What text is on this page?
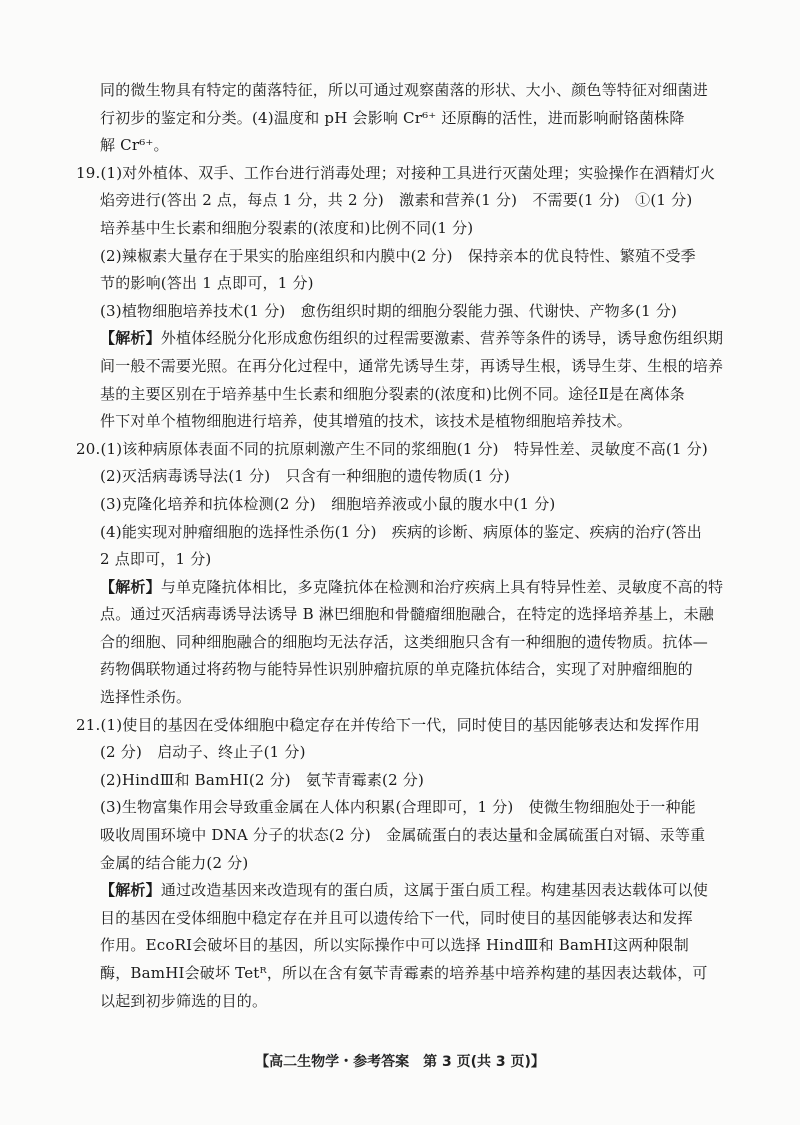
同的微生物具有特定的菌落特征，所以可通过观察菌落的形状、大小、颜色等特征对细菌进
行初步的鉴定和分类。(4)温度和 pH 会影响 Cr⁶⁺ 还原酶的活性，进而影响耐铬菌株降
解 Cr⁶⁺。
19.(1)对外植体、双手、工作台进行消毒处理；对接种工具进行灭菌处理；实验操作在酒精灯火
焰旁进行(答出 2 点，每点 1 分，共 2 分)　激素和营养(1 分)　不需要(1 分)　①(1 分)
培养基中生长素和细胞分裂素的(浓度和)比例不同(1 分)
(2)辣椒素大量存在于果实的胎座组织和内膜中(2 分)　保持亲本的优良特性、繁殖不受季
节的影响(答出 1 点即可，1 分)
(3)植物细胞培养技术(1 分)　愈伤组织时期的细胞分裂能力强、代谢快、产物多(1 分)
【解析】外植体经脱分化形成愈伤组织的过程需要激素、营养等条件的诱导，诱导愈伤组织期
间一般不需要光照。在再分化过程中，通常先诱导生芽，再诱导生根，诱导生芽、生根的培养
基的主要区别在于培养基中生长素和细胞分裂素的(浓度和)比例不同。途径Ⅱ是在离体条
件下对单个植物细胞进行培养，使其增殖的技术，该技术是植物细胞培养技术。
20.(1)该种病原体表面不同的抗原刺激产生不同的浆细胞(1 分)　特异性差、灵敏度不高(1 分)
(2)灭活病毒诱导法(1 分)　只含有一种细胞的遗传物质(1 分)
(3)克隆化培养和抗体检测(2 分)　细胞培养液或小鼠的腹水中(1 分)
(4)能实现对肿瘤细胞的选择性杀伤(1 分)　疾病的诊断、病原体的鉴定、疾病的治疗(答出
2 点即可，1 分)
【解析】与单克隆抗体相比，多克隆抗体在检测和治疗疾病上具有特异性差、灵敏度不高的特
点。通过灭活病毒诱导法诱导 B 淋巴细胞和骨髓瘤细胞融合，在特定的选择培养基上，未融
合的细胞、同种细胞融合的细胞均无法存活，这类细胞只含有一种细胞的遗传物质。抗体—
药物偶联物通过将药物与能特异性识别肿瘤抗原的单克隆抗体结合，实现了对肿瘤细胞的
选择性杀伤。
21.(1)使目的基因在受体细胞中稳定存在并传给下一代，同时使目的基因能够表达和发挥作用
(2 分)　启动子、终止子(1 分)
(2)HindⅢ和 BamHⅠ(2 分)　氨苄青霉素(2 分)
(3)生物富集作用会导致重金属在人体内积累(合理即可，1 分)　使微生物细胞处于一种能
吸收周围环境中 DNA 分子的状态(2 分)　金属硫蛋白的表达量和金属硫蛋白对镉、汞等重
金属的结合能力(2 分)
【解析】通过改造基因来改造现有的蛋白质，这属于蛋白质工程。构建基因表达载体可以使
目的基因在受体细胞中稳定存在并且可以遗传给下一代，同时使目的基因能够表达和发挥
作用。EcoRⅠ会破坏目的基因，所以实际操作中可以选择 HindⅢ和 BamHⅠ这两种限制
酶，BamHⅠ会破坏 Tetᴿ，所以在含有氨苄青霉素的培养基中培养构建的基因表达载体，可
以起到初步筛选的目的。
【高二生物学・参考答案　第 3 页(共 3 页)】
